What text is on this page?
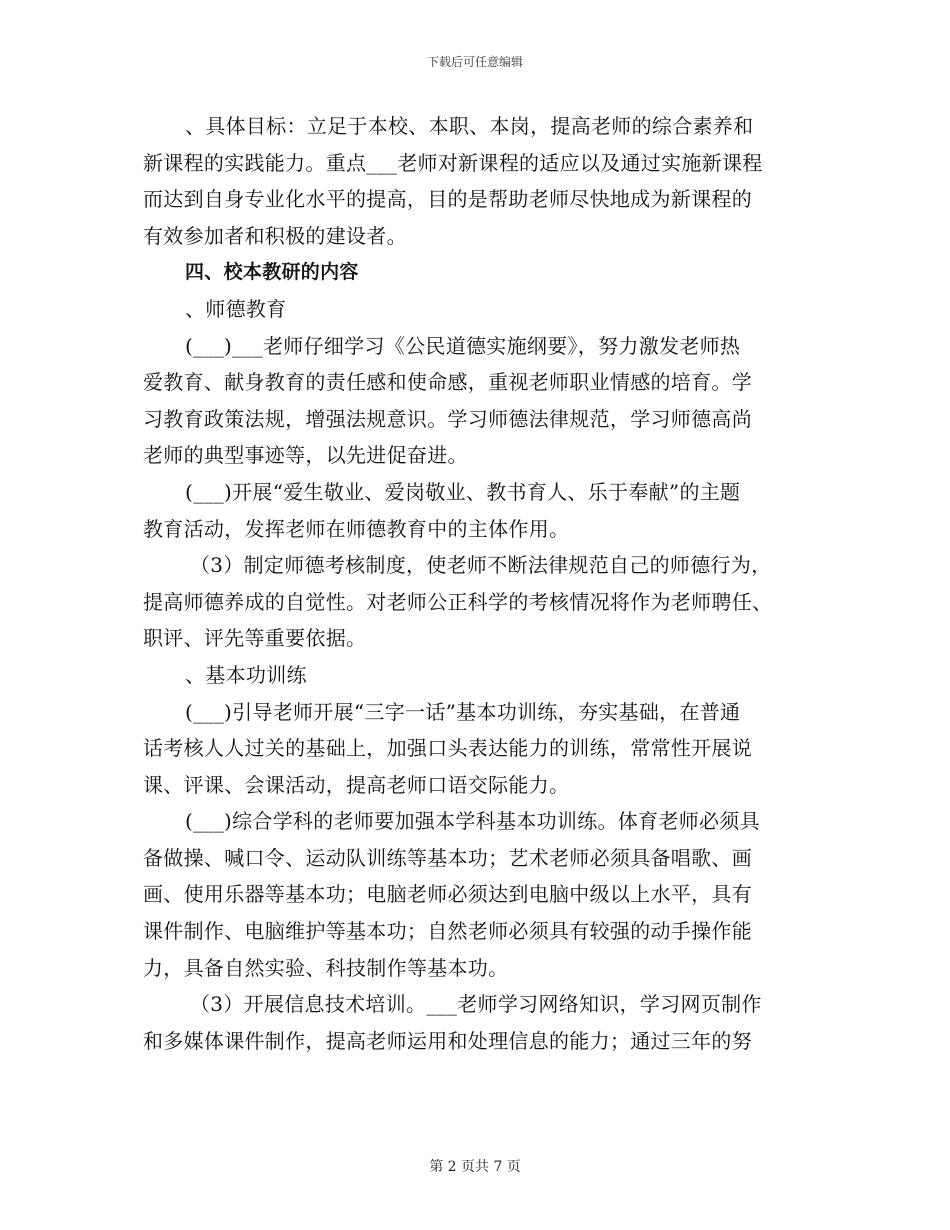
下载后可任意编辑
、具体目标：立足于本校、本职、本岗，提高老师的综合素养和
新课程的实践能力。重点___老师对新课程的适应以及通过实施新课程
而达到自身专业化水平的提高，目的是帮助老师尽快地成为新课程的
有效参加者和积极的建设者。
四、校本教研的内容
、师德教育
(___)___老师仔细学习《公民道德实施纲要》，努力激发老师热
爱教育、献身教育的责任感和使命感，重视老师职业情感的培育。学
习教育政策法规，增强法规意识。学习师德法律规范，学习师德高尚
老师的典型事迹等，以先进促奋进。
(___)开展“爱生敬业、爱岗敬业、教书育人、乐于奉献”的主题
教育活动，发挥老师在师德教育中的主体作用。
（3）制定师德考核制度，使老师不断法律规范自己的师德行为，
提高师德养成的自觉性。对老师公正科学的考核情况将作为老师聘任、
职评、评先等重要依据。
、基本功训练
(___)引导老师开展“三字一话”基本功训练，夯实基础，在普通
话考核人人过关的基础上，加强口头表达能力的训练，常常性开展说
课、评课、会课活动，提高老师口语交际能力。
(___)综合学科的老师要加强本学科基本功训练。体育老师必须具
备做操、喊口令、运动队训练等基本功；艺术老师必须具备唱歌、画
画、使用乐器等基本功；电脑老师必须达到电脑中级以上水平，具有
课件制作、电脑维护等基本功；自然老师必须具有较强的动手操作能
力，具备自然实验、科技制作等基本功。
（3）开展信息技术培训。___老师学习网络知识，学习网页制作
和多媒体课件制作，提高老师运用和处理信息的能力；通过三年的努
第 2 页共 7 页
